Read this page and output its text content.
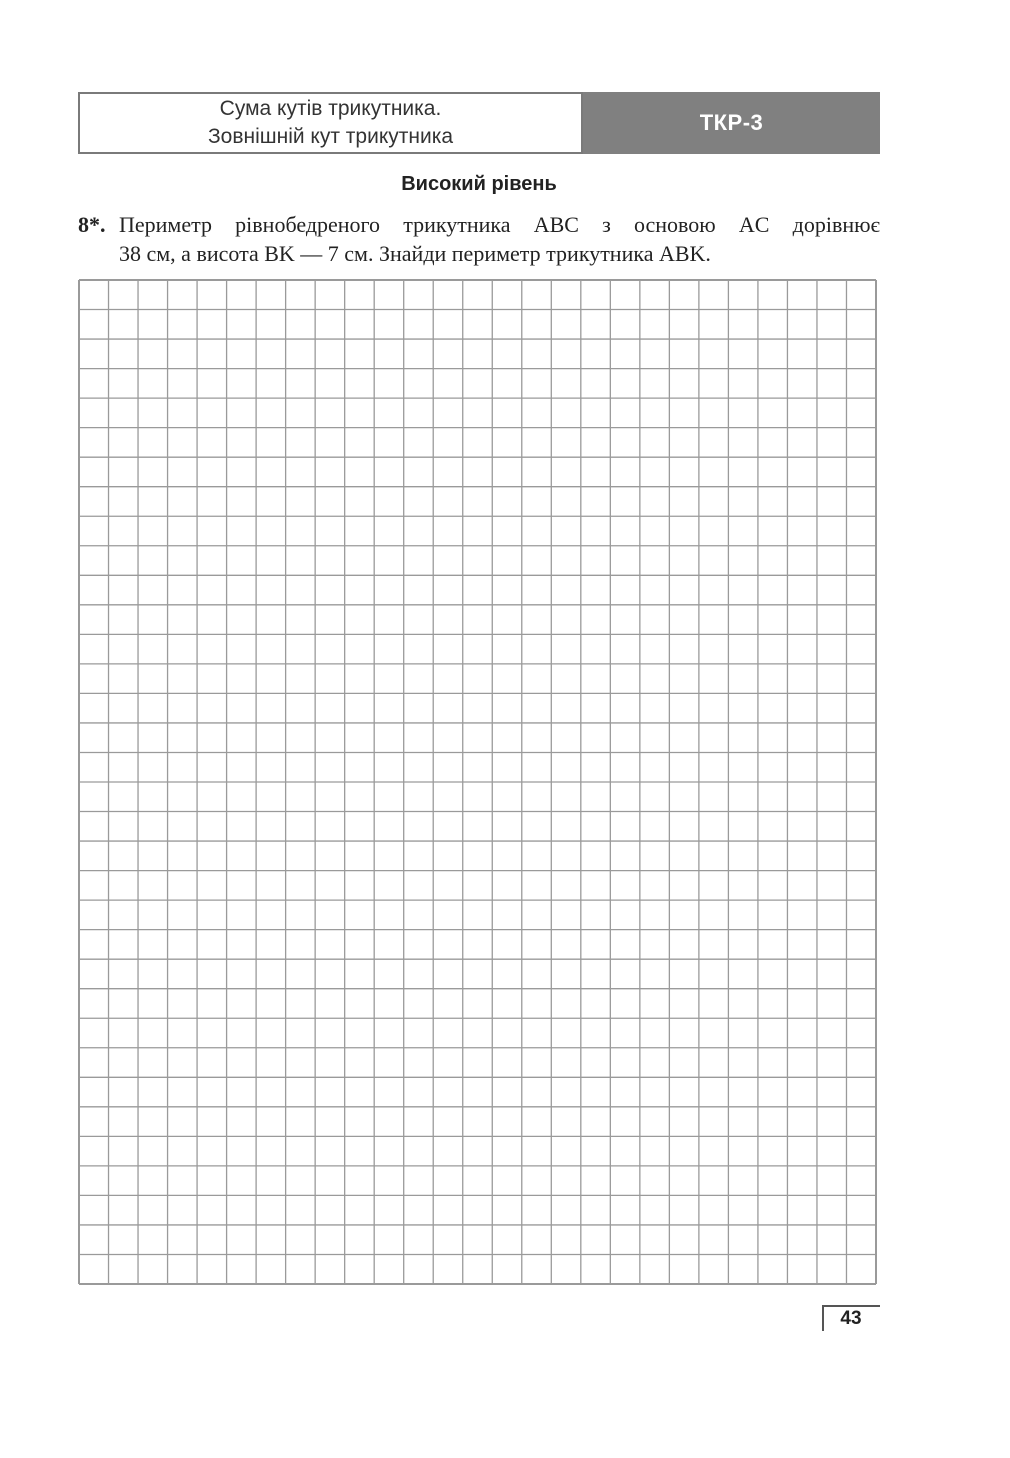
Сума кутів трикутника.
Зовнішній кут трикутника
ТКР-3
Високий рівень
8*. Периметр рівнобедреного трикутника ABC з основою AC дорівнює
38 см, а висота BK — 7 см. Знайди периметр трикутника ABK.
43
